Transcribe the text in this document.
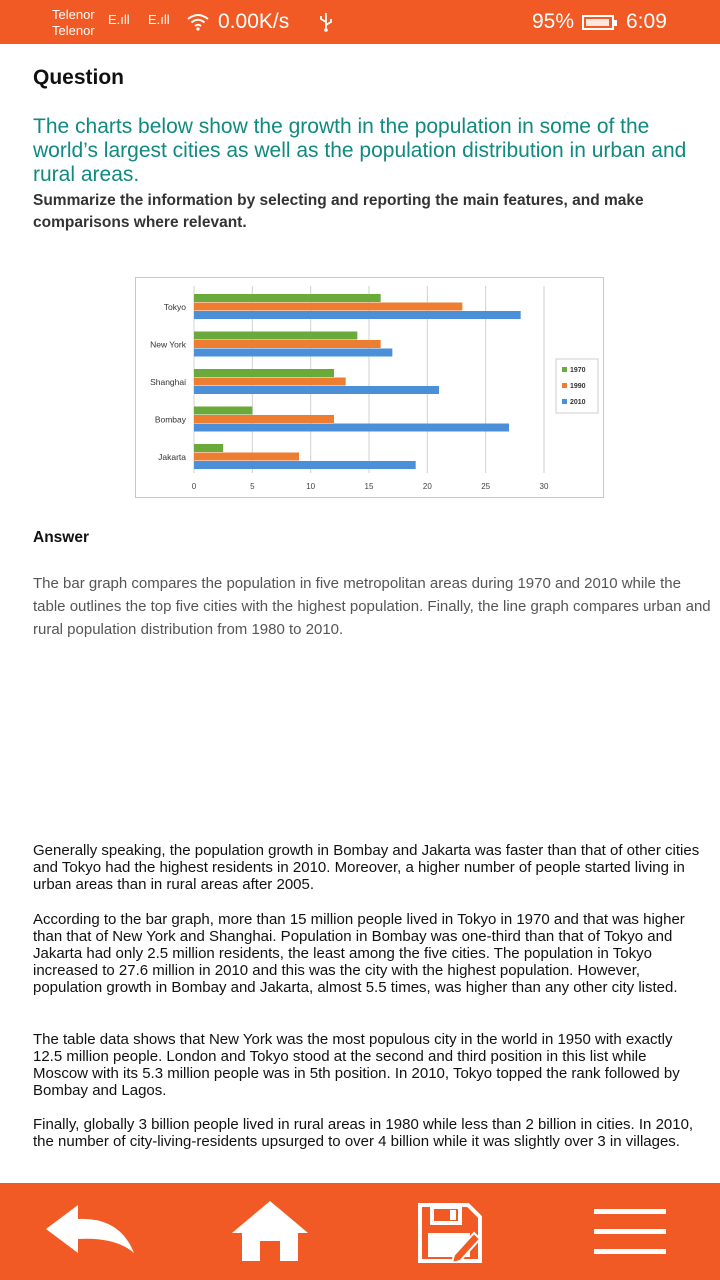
Telenor
Telenor
E.ıll E.ıll 0.00K/s	95% 6:09
Question
The charts below show the growth in the population in some of the world’s largest cities as well as the population distribution in urban and rural areas.
Summarize the information by selecting and reporting the main features, and make comparisons where relevant.
0	5	10	15	20	25	30
Tokyo
New York
Shanghai
Bombay
Jakarta
1970
1990
2010
Answer
The bar graph compares the population in five metropolitan areas during 1970 and 2010 while the table outlines the top five cities with the highest population. Finally, the line graph compares urban and rural population distribution from 1980 to 2010.
Generally speaking, the population growth in Bombay and Jakarta was faster than that of other cities and Tokyo had the highest residents in 2010. Moreover, a higher number of people started living in urban areas than in rural areas after 2005.
According to the bar graph, more than 15 million people lived in Tokyo in 1970 and that was higher than that of New York and Shanghai. Population in Bombay was one-third than that of Tokyo and Jakarta had only 2.5 million residents, the least among the five cities. The population in Tokyo increased to 27.6 million in 2010 and this was the city with the highest population. However, population growth in Bombay and Jakarta, almost 5.5 times, was higher than any other city listed.
The table data shows that New York was the most populous city in the world in 1950 with exactly 12.5 million people. London and Tokyo stood at the second and third position in this list while Moscow with its 5.3 million people was in 5th position. In 2010, Tokyo topped the rank followed by Bombay and Lagos.
Finally, globally 3 billion people lived in rural areas in 1980 while less than 2 billion in cities. In 2010, the number of city-living-residents upsurged to over 4 billion while it was slightly over 3 in villages.
